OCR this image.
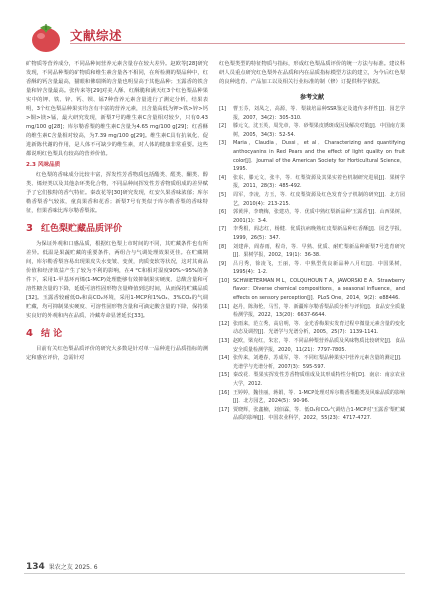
文献综述

矿物质等营养成分，不同品种间营养元素含量存在较大差异。赵欧等[28]研究发现，不同品种梨的矿物质和维生素含量各不相同，在所检测的梨品种中，红香酥的钙含量最高，猫眼和佛瑞斯的含量也明显高于其他品种；玉露香的铁含量和锌含量最高。张传来等[29]对美人酥、红酥脆和满天红3个红色梨品种果实中的钾、铁、锌、钙、钡、锰7种营养元素含量进行了测定分析，结果表明，3个红色梨品种果实均含有丰富的营养元素，且含量高低为钾>铁>锌>钙>铜>镁>锰，最大研究发现，新梨7号的维生素C含量相对较少，只有0.43 mg/100 g[28]；库尔勒香梨的维生素C含量为4.65 mg/100 g[29]；红香酥的维生素C含量相对较高，为7.39 mg/100 g[29]。维生素C具有抗氧化、促进新陈代谢的作用，是人体不可缺少的维生素，对人体的健康非常重要。这些都说明红色梨具有较高的营养价值。

2.3 风味品质

红色梨的香味成分比较丰富，挥发性芳香物质包括酯类、醛类、酮类、醇类、烯烃类以及其他杂环类化合物，不同品种间挥发性芳香物质组成的差异赋予了它们独特的香气特征。秦改花等[30]研究发现，红安久果香味浓郁；库尔勒香梨香气较浓，童真果香和花香；新梨7号有类似于库尔勒香梨的香味特征，但果香味比库尔勒香梨浓。

3 红色梨贮藏品质评价

为保证外观和口感品质，根据红色梨上市时间的不同，其贮藏条件也有所差异。低温是果蔬贮藏的重要条件，两组合与气调处理效果更佳。在贮藏期间，库尔勒香梨容易出现果皮失水变皱、变黄，肉质变软等状况，这对其商品价值和经济效益产生了较为不利的影响，在4 °C和相对湿度90%~95%的条件下，采用1-甲基环丙烯(1-MCP)处理能够有效抑制果实硬度、总酸含量和可溶性糖含量的下降，延缓可溶性固形物含量峰值到达时间，从而保持贮藏品质[32]。玉露香较耐低O₂和高CO₂环境，采用1-MCP和1%O₂、3%CO₂的气调贮藏，均可抑制果实硬度、可溶性固形物含量和可滴定酸含量的下降，保持果实良好的外观和内在品质，冷藏寿命显著延长[33]。

4 结 论

目前有关红色梨品质评价的研究大多数是针对单一品种进行品质指标的测定和感官评价，急需针对

红色梨类型的特征物质与指标，形成红色梨品质评价的统一方法与标准。建议科研人员重点研究红色梨外在品质和内在品质指标模型方法的建立，为今后红色梨的良种选育、产品加工以及相关行业标准的制（修）订提供科学依据。

参考文献
[1]	曹玉芬，刘凤之，高源，等．梨栽培品种SSR鉴定及遗传多样性[J]．园艺学报，2007，34(2)：305-310.
[2]	滕元文，沈玉英，周先章，等．砂梨果皮锈斑成因及解决对策[J]．中国南方果树，2005，34(3)：52-54.
[3]	Maria，Claudia，Dussi，et al．Characterizing and quantifying anthocyanins in Red Pears and the effect of light quality on fruit color[J]．Journal of the American Society for Horticultural Science，1995.
[4]	张东，滕元文，张丰，等．红梨资源及其果实着色机制研究进展[J]．果树学报，2011，28(3)：485-492.
[5]	周军，李凌，方玉，等．红皮梨资源及红色发育分子机制的研究[J]．北方园艺，2010(4)：213-215.
[6]	郭黄萍，李晓梅，张建功，等．优质中熟红梨新品种'玉露香'[J]．山西果树，2001(1)：3-4.
[7]	李秀根，阎志红，杨健．优质抗病晚熟红皮梨新品种红香酥[J]．园艺学报，1999，26(5)：347.
[8]	刘建萍，阎春雨，程奇，等．早熟、优质、耐贮梨新品种新梨7号选育研究[J]．果树学报，2002，19(1)：36-38.
[9]	吕月秀，徐凌飞，王丽，等．中熟型优良新品种八月红[J]．中国果树，1995(4)：1-2.
[10] SCHWIETERMAN M L，COLQUHOUN T A，JAWORSKI E A．Strawberry flavor：Diverse chemical compositions，a seasonal influence，and effects on sensory perception[J]．PLoS One，2014，9(2)：e88446.
[11] 赵丹，陈海伦，马雪，等．新疆库尔勒香梨品质分析与评价[J]．食品安全质量检测学报，2022，13(20)：6637-6644.
[12] 张雨来，范立秀，高启明，等．金光香梅果实发育过程中微量元素含量的变化动态及调控[J]．光谱学与光谱分析，2005，25(7)：1139-1141.
[13] 赵欧，梁克红，朱宏，等．不同品种梨营养品质及风味物质比较研究[J]．食品安全质量检测学报，2020，11(21)：7797-7805.
[14] 张传来，刘遵春，苏成军，等．不同红梨品种果实中营养元素含量的测定[J]．光谱学与光谱分析，2007(3)：595-597.
[15] 秦改花．梨果实挥发性芳香物质组成及其形成特性分析[D]．南京：南京农业大学，2012.
[16] 王婷婷，魏佳丽，蒋娟，等．1-MCP处理对库尔勒香梨酯类及风味品质的影响[J]．北方园艺，2024(5)：90-96.
[17] 贾晓辉，张鑫楠，刘佰霖，等．低O₂和CO₂气调结合1-MCP对'玉露香'梨贮藏品质的影响[J]．中国农业科学，2022，55(23)：4717-4727.
134 果农之友 2025. 6
